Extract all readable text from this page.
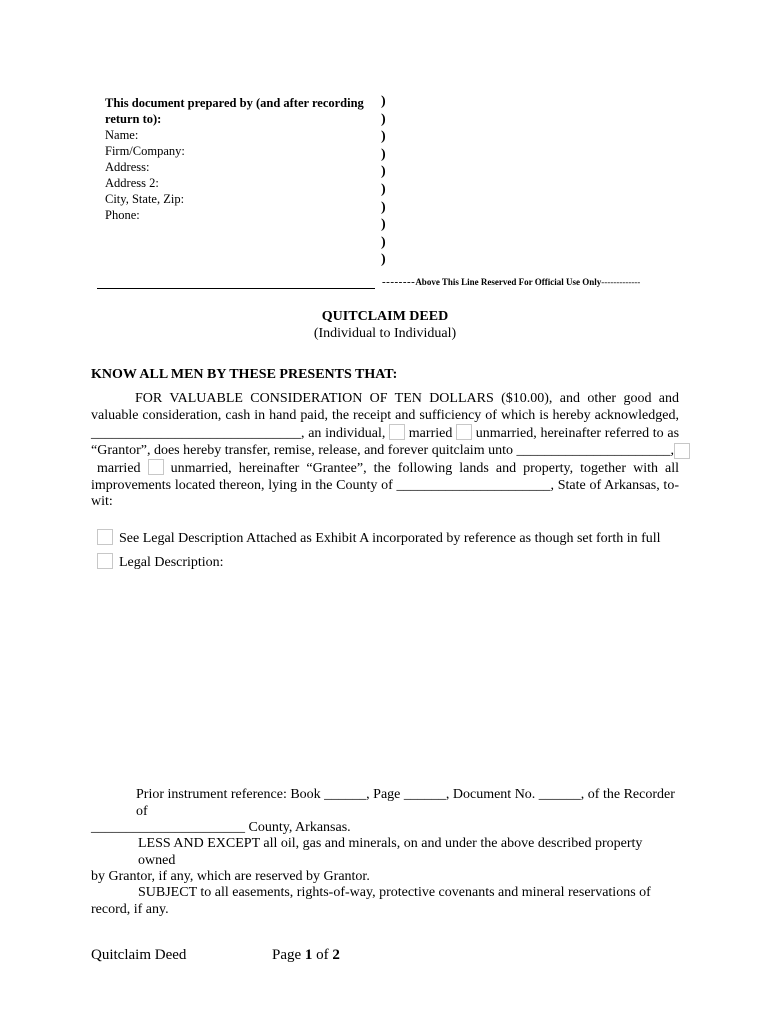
This document prepared by (and after recording
return to):
Name:
Firm/Company:
Address:
Address 2:
City, State, Zip:
Phone:
)
)
)
)
)
)
)
)
)
)
--------Above This Line Reserved For Official Use Only-------------
QUITCLAIM DEED
(Individual to Individual)
KNOW ALL MEN BY THESE PRESENTS THAT:
FOR VALUABLE CONSIDERATION OF TEN DOLLARS ($10.00), and other good and
valuable consideration, cash in hand paid, the receipt and sufficiency of which is hereby acknowledged,
______________________________, an individual, married unmarried, hereinafter referred to as
“Grantor”, does hereby transfer, remise, release, and forever quitclaim unto ______________________,
married unmarried, hereinafter “Grantee”, the following lands and property, together with all
improvements located thereon, lying in the County of ______________________, State of Arkansas, to-
wit:
See Legal Description Attached as Exhibit A incorporated by reference as though set forth in full
Legal Description:
Prior instrument reference: Book ______, Page ______, Document No. ______, of the Recorder of
______________________ County, Arkansas.
LESS AND EXCEPT all oil, gas and minerals, on and under the above described property owned
by Grantor, if any, which are reserved by Grantor.
SUBJECT to all easements, rights-of-way, protective covenants and mineral reservations of
record, if any.
Quitclaim Deed	Page 1 of 2
